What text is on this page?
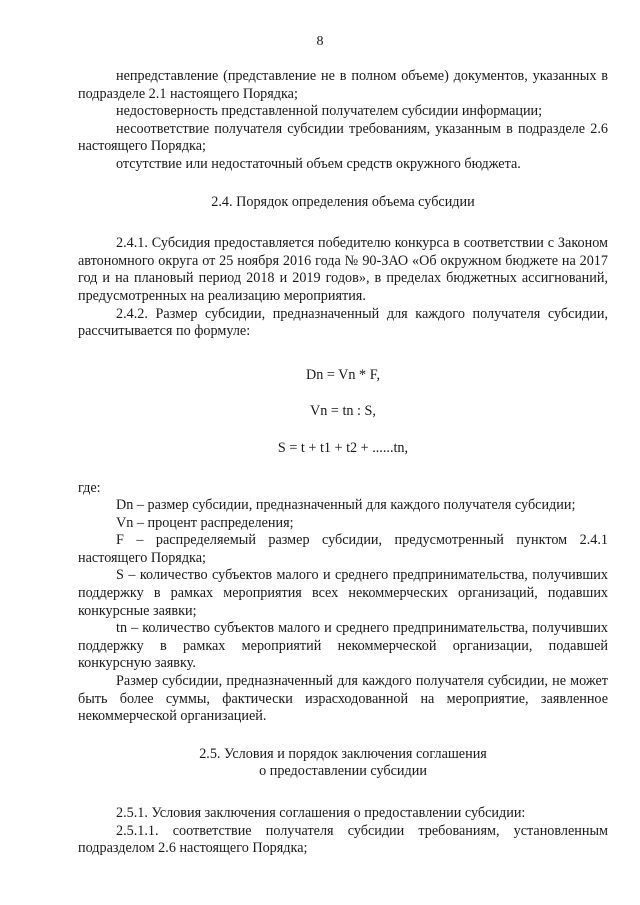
8

непредставление (представление не в полном объеме) документов, указанных в подразделе 2.1 настоящего Порядка;

недостоверность представленной получателем субсидии информации;

несоответствие получателя субсидии требованиям, указанным в подразделе 2.6 настоящего Порядка;

отсутствие или недостаточный объем средств окружного бюджета.

2.4. Порядок определения объема субсидии

2.4.1. Субсидия предоставляется победителю конкурса в соответствии с Законом автономного округа от 25 ноября 2016 года № 90-ЗАО «Об окружном бюджете на 2017 год и на плановый период 2018 и 2019 годов», в пределах бюджетных ассигнований, предусмотренных на реализацию мероприятия.

2.4.2. Размер субсидии, предназначенный для каждого получателя субсидии, рассчитывается по формуле:

Dn = Vn * F,

Vn = tn : S,

S = t + t1 + t2 + ......tn,

где:

Dn – размер субсидии, предназначенный для каждого получателя субсидии;

Vn – процент распределения;

F – распределяемый размер субсидии, предусмотренный пунктом 2.4.1 настоящего Порядка;

S – количество субъектов малого и среднего предпринимательства, получивших поддержку в рамках мероприятия всех некоммерческих организаций, подавших конкурсные заявки;

tn – количество субъектов малого и среднего предпринимательства, получивших поддержку в рамках мероприятий некоммерческой организации, подавшей конкурсную заявку.

Размер субсидии, предназначенный для каждого получателя субсидии, не может быть более суммы, фактически израсходованной на мероприятие, заявленное некоммерческой организацией.

2.5. Условия и порядок заключения соглашения
о предоставлении субсидии

2.5.1. Условия заключения соглашения о предоставлении субсидии:

2.5.1.1. соответствие получателя субсидии требованиям, установленным подразделом 2.6 настоящего Порядка;
